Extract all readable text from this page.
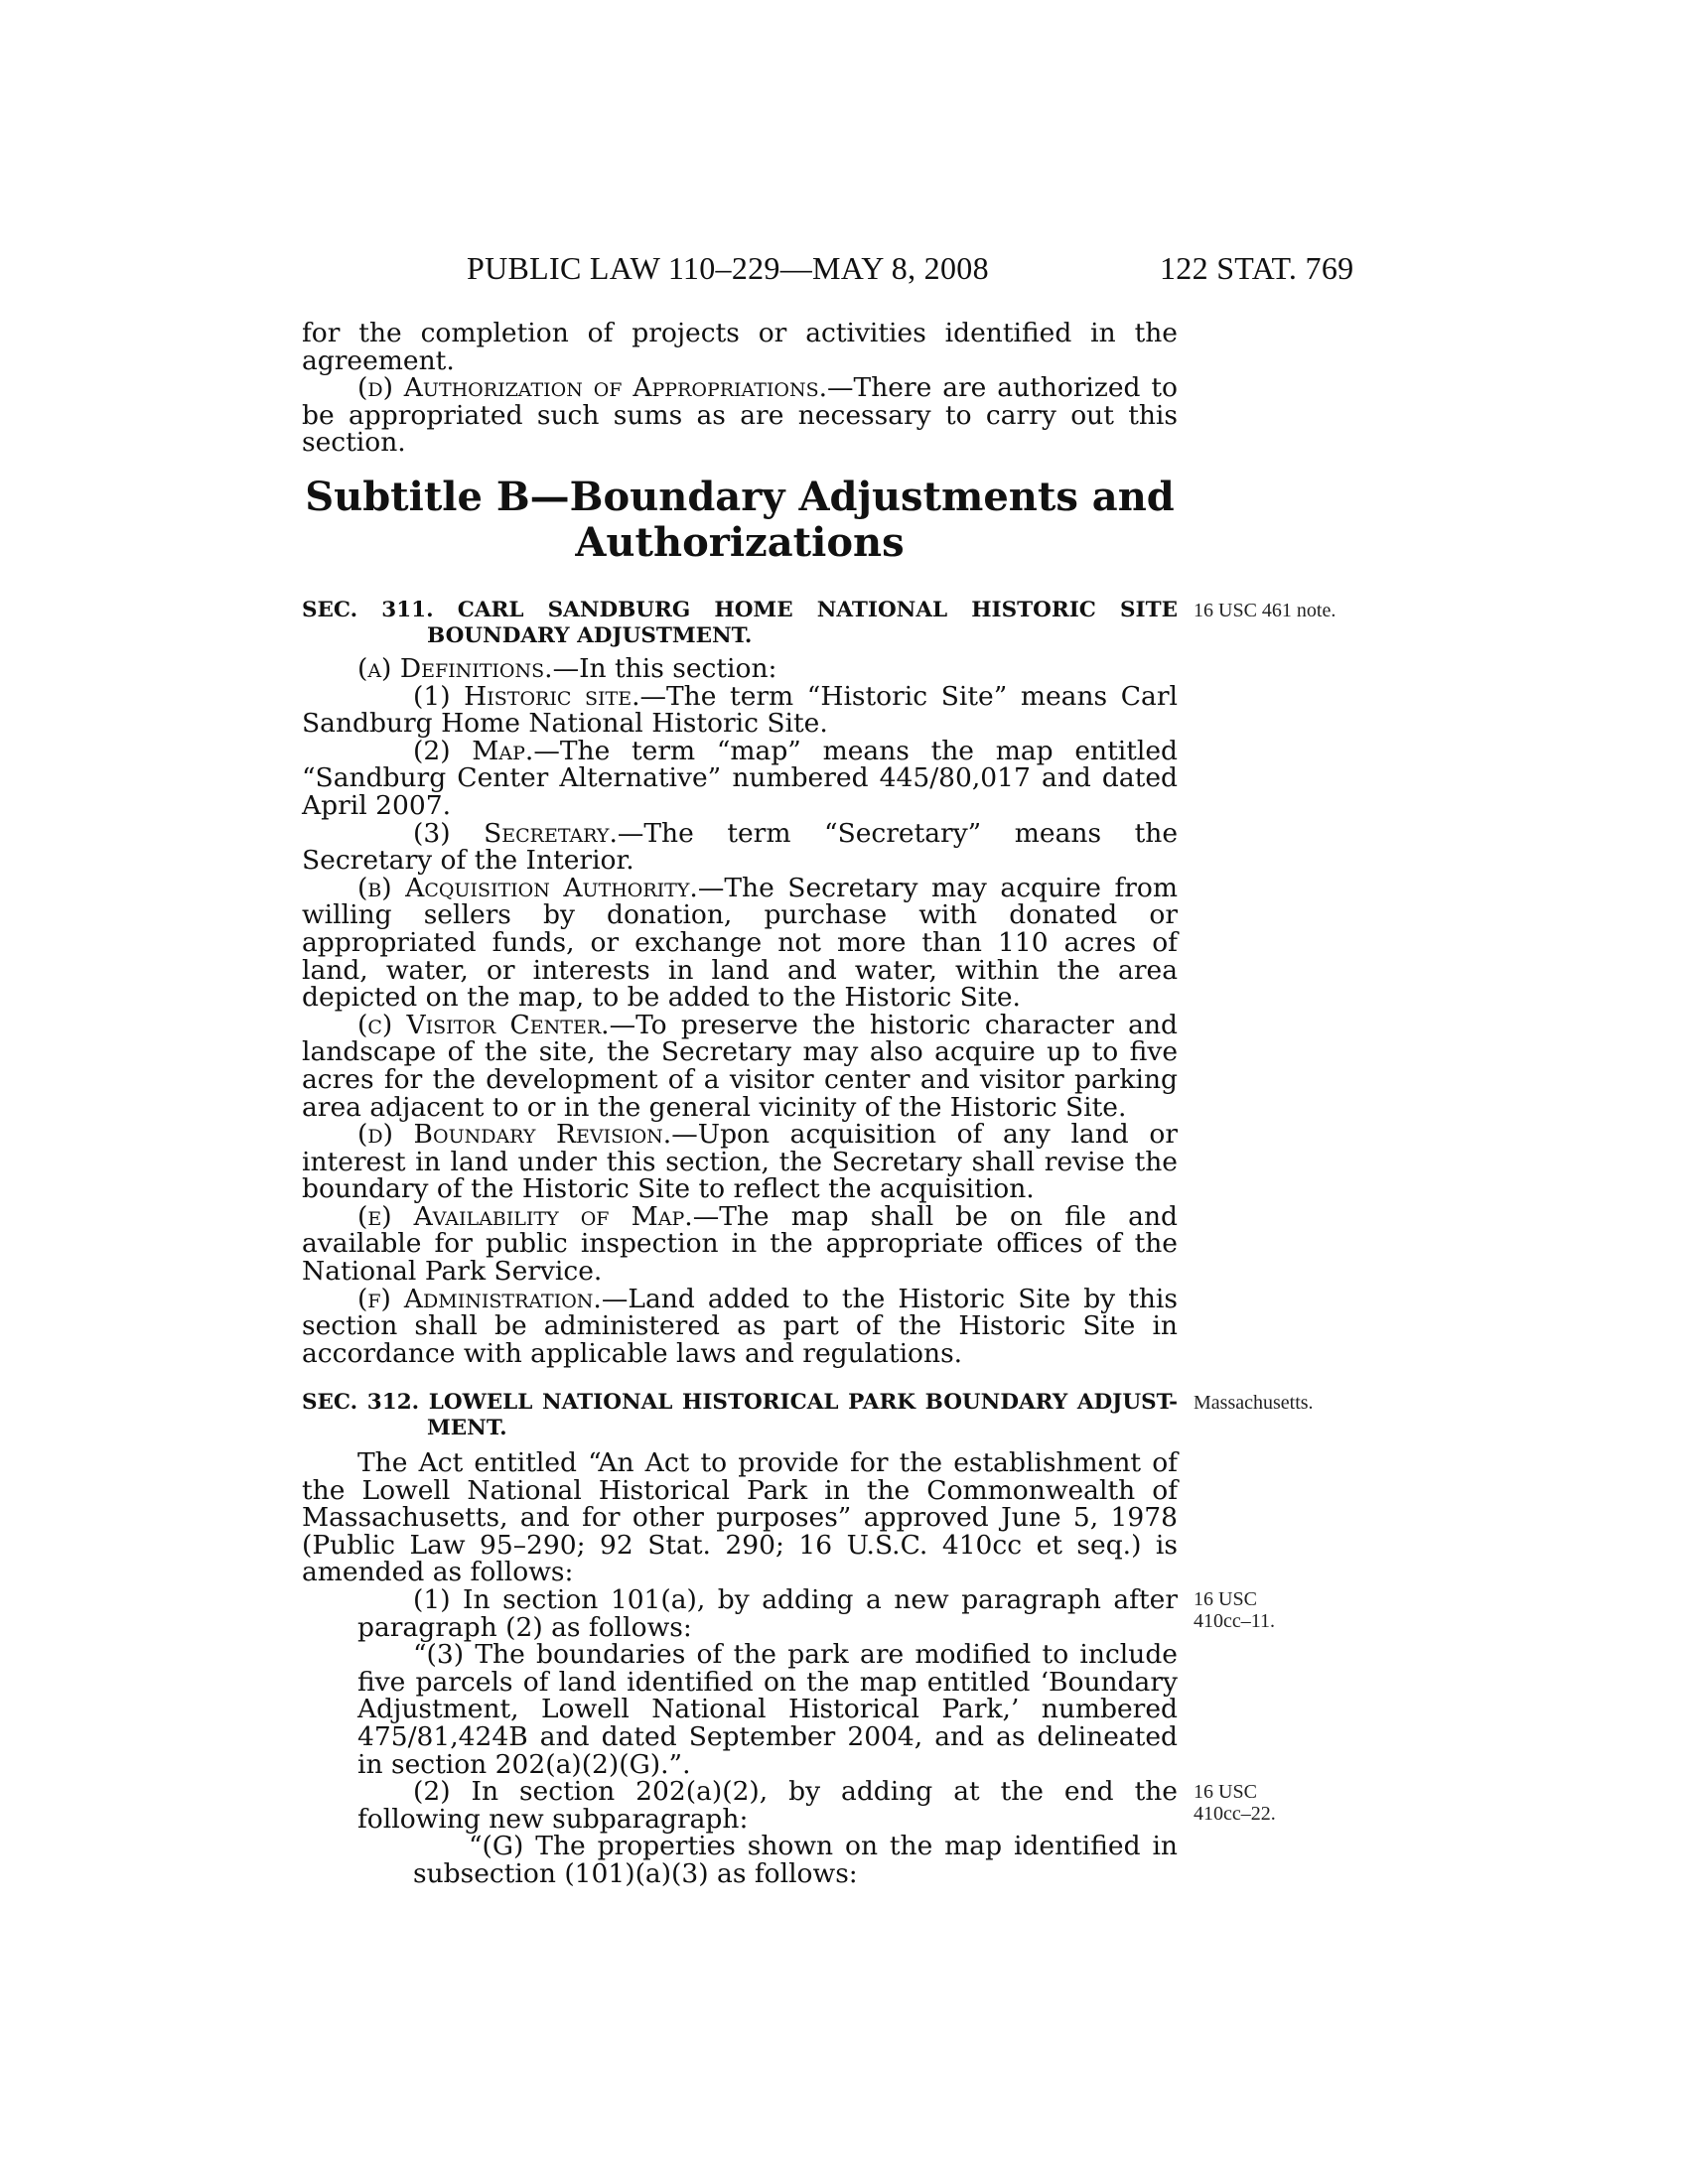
PUBLIC LAW 110–229—MAY 8, 2008	122 STAT. 769

for the completion of projects or activities identified in the agreement.

(d) Authorization of Appropriations.—There are authorized to be appropriated such sums as are necessary to carry out this section.

Subtitle B—Boundary Adjustments and
Authorizations
SEC. 311. CARL SANDBURG HOME NATIONAL HISTORIC SITE
BOUNDARY ADJUSTMENT.
16 USC 461 note.

(a) Definitions.—In this section:

(1) Historic site.—The term “Historic Site” means Carl Sandburg Home National Historic Site.

(2) Map.—The term “map” means the map entitled “Sandburg Center Alternative” numbered 445/80,017 and dated April 2007.

(3) Secretary.—The term “Secretary” means the Secretary of the Interior.

(b) Acquisition Authority.—The Secretary may acquire from willing sellers by donation, purchase with donated or appropriated funds, or exchange not more than 110 acres of land, water, or interests in land and water, within the area depicted on the map, to be added to the Historic Site.

(c) Visitor Center.—To preserve the historic character and landscape of the site, the Secretary may also acquire up to five acres for the development of a visitor center and visitor parking area adjacent to or in the general vicinity of the Historic Site.

(d) Boundary Revision.—Upon acquisition of any land or interest in land under this section, the Secretary shall revise the boundary of the Historic Site to reflect the acquisition.

(e) Availability of Map.—The map shall be on file and available for public inspection in the appropriate offices of the National Park Service.

(f) Administration.—Land added to the Historic Site by this section shall be administered as part of the Historic Site in accordance with applicable laws and regulations.

SEC. 312. LOWELL NATIONAL HISTORICAL PARK BOUNDARY ADJUST-
MENT.
Massachusetts.

The Act entitled “An Act to provide for the establishment of the Lowell National Historical Park in the Commonwealth of Massachusetts, and for other purposes” approved June 5, 1978 (Public Law 95–290; 92 Stat. 290; 16 U.S.C. 410cc et seq.) is amended as follows:

(1) In section 101(a), by adding a new paragraph after paragraph (2) as follows:

“(3) The boundaries of the park are modified to include five parcels of land identified on the map entitled ‘Boundary Adjustment, Lowell National Historical Park,’ numbered 475/81,424B and dated September 2004, and as delineated in section 202(a)(2)(G).”.

(2) In section 202(a)(2), by adding at the end the following new subparagraph:

“(G) The properties shown on the map identified in subsection (101)(a)(3) as follows:

16 USC
410cc–11.
16 USC
410cc–22.
